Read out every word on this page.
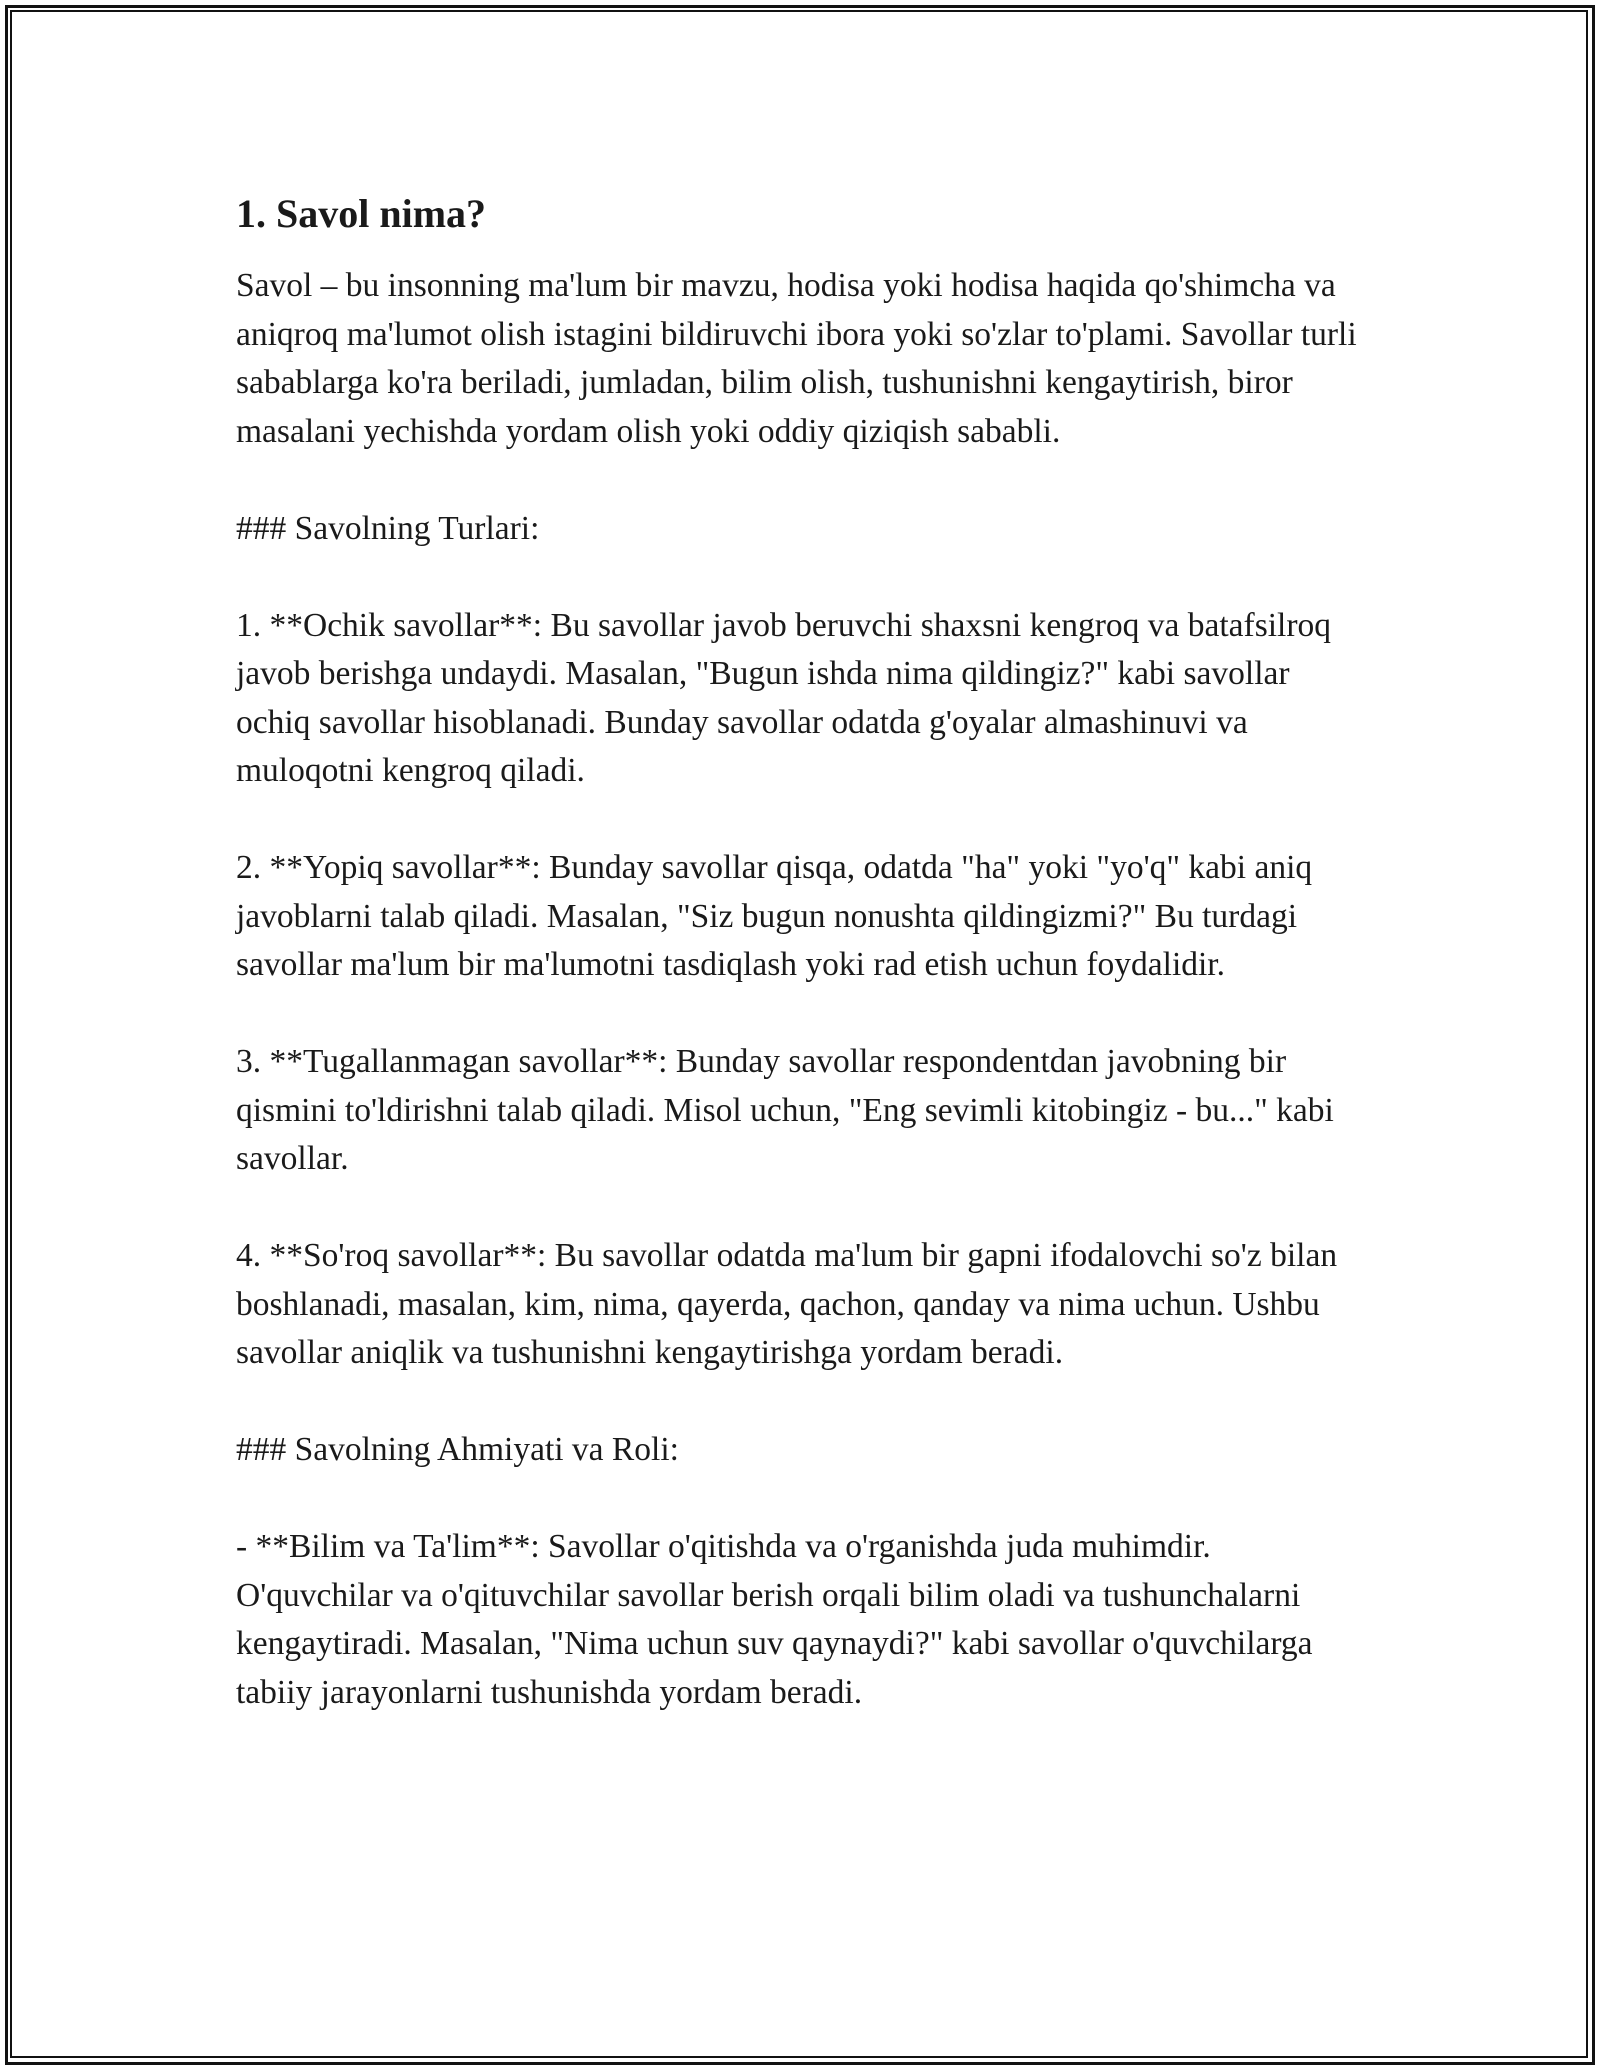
1. Savol nima?

Savol – bu insonning ma'lum bir mavzu, hodisa yoki hodisa haqida qo'shimcha va aniqroq ma'lumot olish istagini bildiruvchi ibora yoki so'zlar to'plami. Savollar turli sabablarga ko'ra beriladi, jumladan, bilim olish, tushunishni kengaytirish, biror masalani yechishda yordam olish yoki oddiy qiziqish sababli.

### Savolning Turlari:

1. **Ochik savollar**: Bu savollar javob beruvchi shaxsni kengroq va batafsilroq javob berishga undaydi. Masalan, "Bugun ishda nima qildingiz?" kabi savollar ochiq savollar hisoblanadi. Bunday savollar odatda g'oyalar almashinuvi va muloqotni kengroq qiladi.

2. **Yopiq savollar**: Bunday savollar qisqa, odatda "ha" yoki "yo'q" kabi aniq javoblarni talab qiladi. Masalan, "Siz bugun nonushta qildingizmi?" Bu turdagi savollar ma'lum bir ma'lumotni tasdiqlash yoki rad etish uchun foydalidir.

3. **Tugallanmagan savollar**: Bunday savollar respondentdan javobning bir qismini to'ldirishni talab qiladi. Misol uchun, "Eng sevimli kitobingiz - bu..." kabi savollar.

4. **So'roq savollar**: Bu savollar odatda ma'lum bir gapni ifodalovchi so'z bilan boshlanadi, masalan, kim, nima, qayerda, qachon, qanday va nima uchun. Ushbu savollar aniqlik va tushunishni kengaytirishga yordam beradi.

### Savolning Ahmiyati va Roli:

- **Bilim va Ta'lim**: Savollar o'qitishda va o'rganishda juda muhimdir. O'quvchilar va o'qituvchilar savollar berish orqali bilim oladi va tushunchalarni kengaytiradi. Masalan, "Nima uchun suv qaynaydi?" kabi savollar o'quvchilarga tabiiy jarayonlarni tushunishda yordam beradi.
